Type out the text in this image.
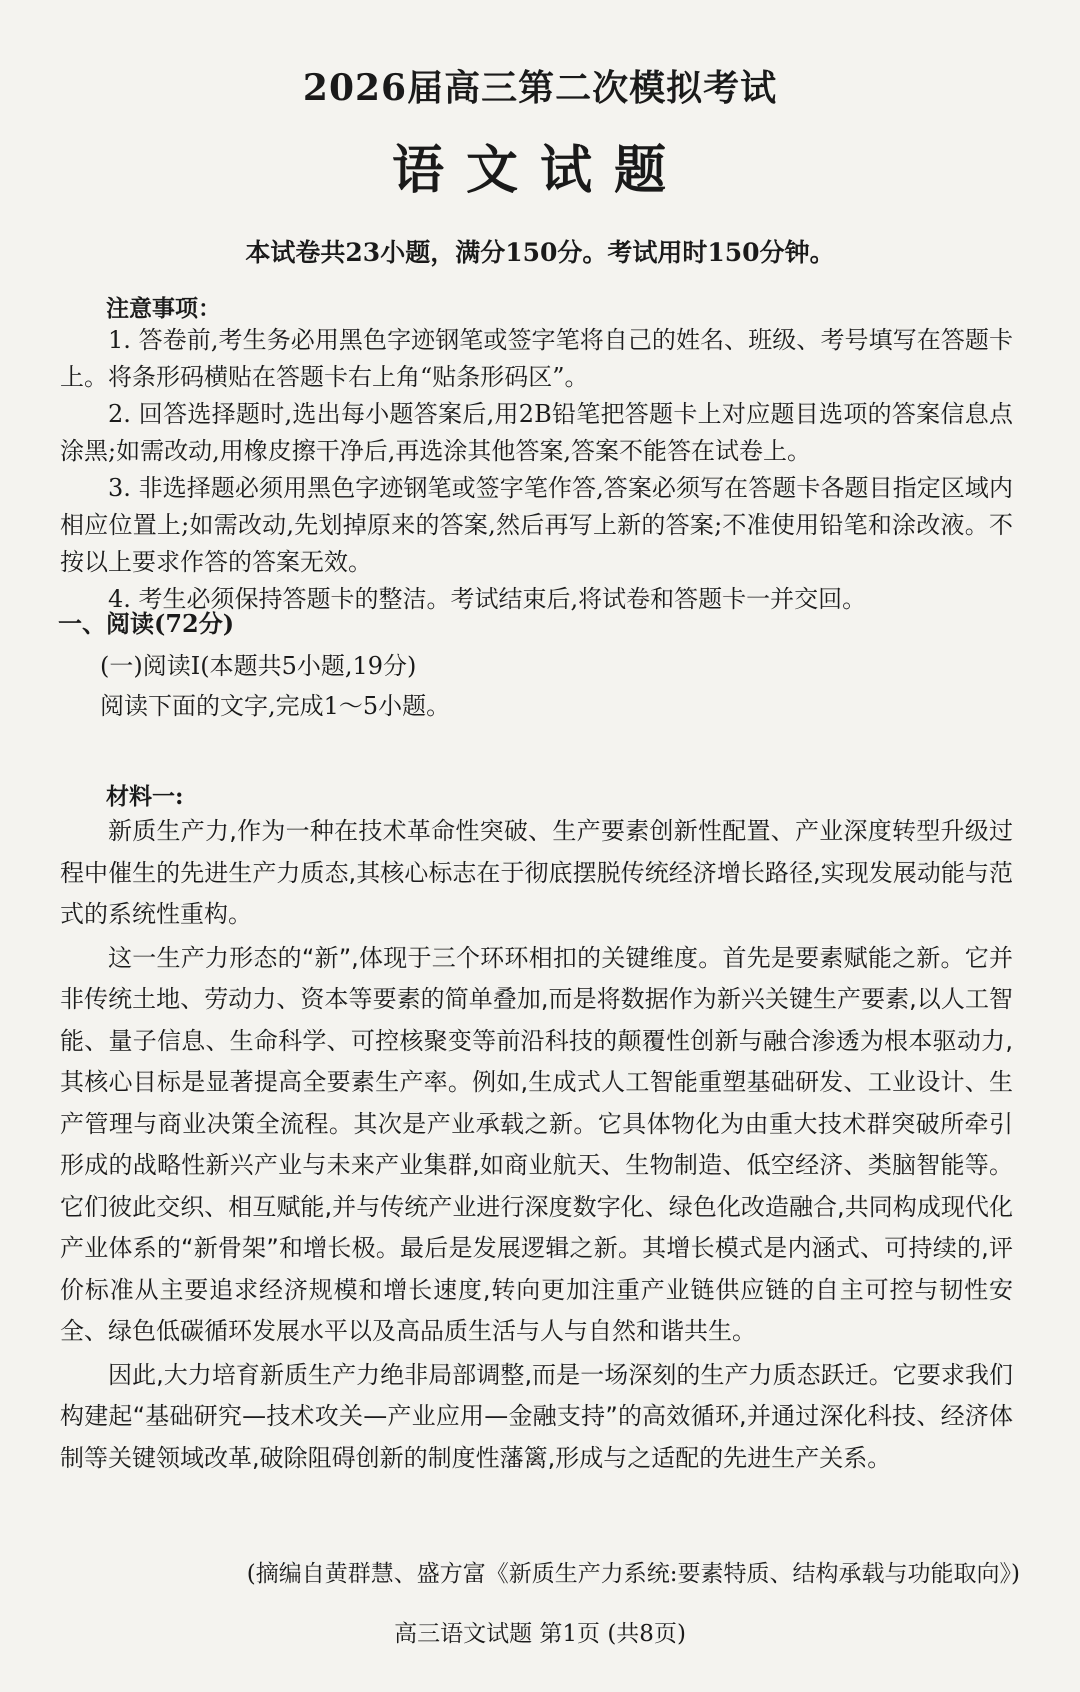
2026届高三第二次模拟考试
语文试题
本试卷共23小题，满分150分。考试用时150分钟。
注意事项：

1. 答卷前,考生务必用黑色字迹钢笔或签字笔将自己的姓名、班级、考号填写在答题卡上。将条形码横贴在答题卡右上角“贴条形码区”。

2. 回答选择题时,选出每小题答案后,用2B铅笔把答题卡上对应题目选项的答案信息点涂黑;如需改动,用橡皮擦干净后,再选涂其他答案,答案不能答在试卷上。

3. 非选择题必须用黑色字迹钢笔或签字笔作答,答案必须写在答题卡各题目指定区域内相应位置上;如需改动,先划掉原来的答案,然后再写上新的答案;不准使用铅笔和涂改液。不按以上要求作答的答案无效。

4. 考生必须保持答题卡的整洁。考试结束后,将试卷和答题卡一并交回。

一、阅读(72分)
(一)阅读Ⅰ(本题共5小题,19分)
阅读下面的文字,完成1～5小题。
材料一:

新质生产力,作为一种在技术革命性突破、生产要素创新性配置、产业深度转型升级过程中催生的先进生产力质态,其核心标志在于彻底摆脱传统经济增长路径,实现发展动能与范式的系统性重构。

这一生产力形态的“新”,体现于三个环环相扣的关键维度。首先是要素赋能之新。它并非传统土地、劳动力、资本等要素的简单叠加,而是将数据作为新兴关键生产要素,以人工智能、量子信息、生命科学、可控核聚变等前沿科技的颠覆性创新与融合渗透为根本驱动力,其核心目标是显著提高全要素生产率。例如,生成式人工智能重塑基础研发、工业设计、生产管理与商业决策全流程。其次是产业承载之新。它具体物化为由重大技术群突破所牵引形成的战略性新兴产业与未来产业集群,如商业航天、生物制造、低空经济、类脑智能等。它们彼此交织、相互赋能,并与传统产业进行深度数字化、绿色化改造融合,共同构成现代化产业体系的“新骨架”和增长极。最后是发展逻辑之新。其增长模式是内涵式、可持续的,评价标准从主要追求经济规模和增长速度,转向更加注重产业链供应链的自主可控与韧性安全、绿色低碳循环发展水平以及高品质生活与人与自然和谐共生。

因此,大力培育新质生产力绝非局部调整,而是一场深刻的生产力质态跃迁。它要求我们构建起“基础研究—技术攻关—产业应用—金融支持”的高效循环,并通过深化科技、经济体制等关键领域改革,破除阻碍创新的制度性藩篱,形成与之适配的先进生产关系。

(摘编自黄群慧、盛方富《新质生产力系统:要素特质、结构承载与功能取向》)
高三语文试题 第1页 (共8页)
